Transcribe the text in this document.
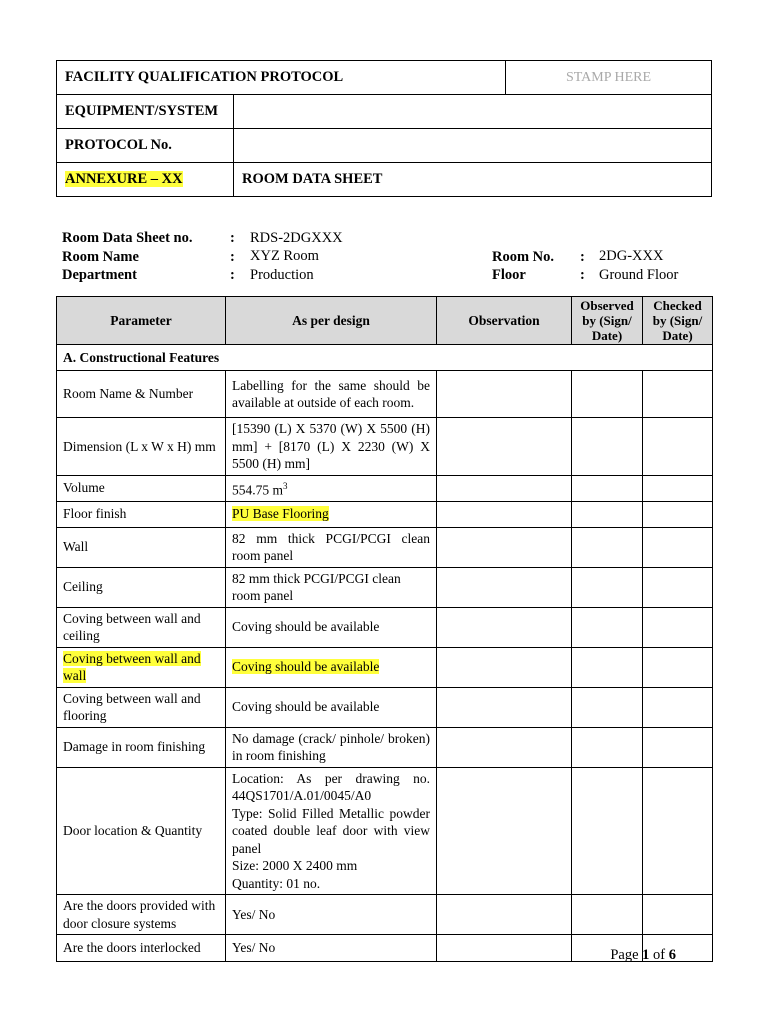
FACILITY QUALIFICATION PROTOCOL		STAMP HERE
EQUIPMENT/SYSTEM		
PROTOCOL No.		
ANNEXURE – XX	ROOM DATA SHEET	
Room Data Sheet no.	: RDS-2DGXXX
Room Name	: XYZ Room
Department	: Production
Room No. : 2DG-XXX
Floor	: Ground Floor
Parameter	As per design	Observation	Observed by (Sign/ Date)	Checked by (Sign/ Date)
A. Constructional Features				
Room Name & Number	Labelling for the same should be available at outside of each room.			
Dimension (L x W x H) mm	[15390 (L) X 5370 (W) X 5500 (H) mm] + [8170 (L) X 2230 (W) X 5500 (H) mm]			
Volume	554.75 $m^3$			
Floor finish	PU Base Flooring			
Wall	82 mm thick PCGI/PCGI clean room panel			
Ceiling	82 mm thick PCGI/PCGI clean room panel			
Coving between wall and ceiling	Coving should be available			
Coving between wall and wall	Coving should be available			
Coving between wall and flooring	Coving should be available			
Damage in room finishing	No damage (crack/ pinhole/ broken) in room finishing			
Door location & Quantity	Location: As per drawing no. 44QS1701/A.01/0045/A0
Type: Solid Filled Metallic powder coated double leaf door with view panel
Size: 2000 X 2400 mm
Quantity: 01 no.			

Are the doors provided with door closure systems	Yes/ No			
Are the doors interlocked	Yes/ No				Page 1 of 6
